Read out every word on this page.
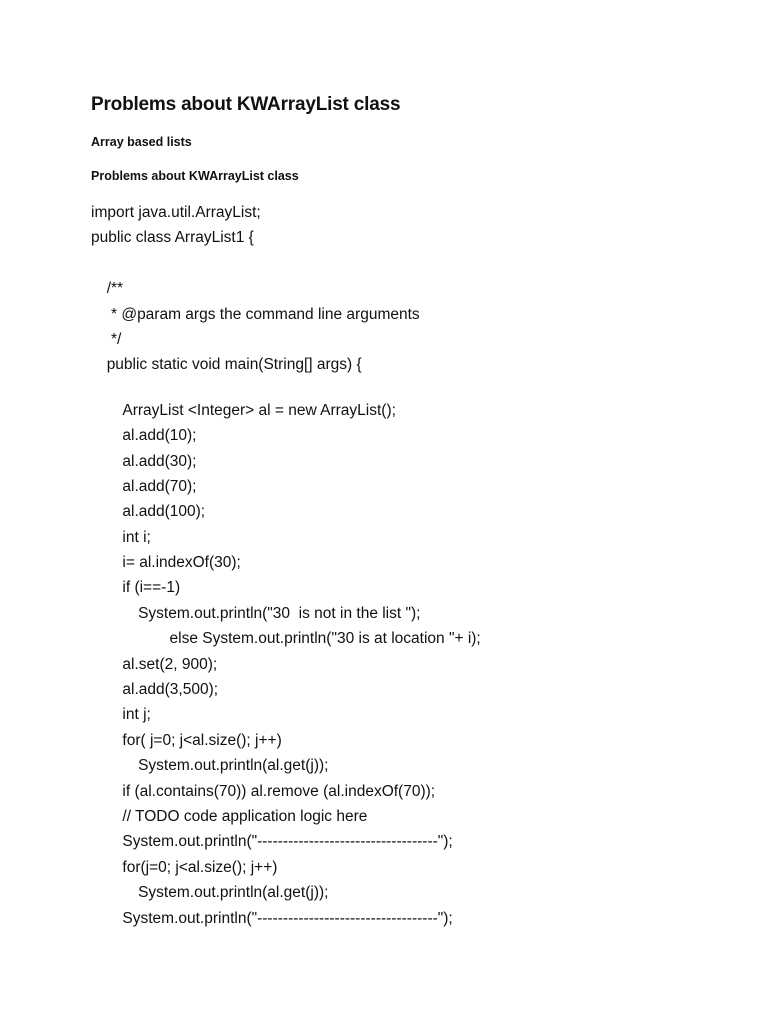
Problems about KWArrayList class
Array based lists
Problems about KWArrayList class
import java.util.ArrayList;
public class ArrayList1 {
/**
* @param args the command line arguments
*/
public static void main(String[] args) {
ArrayList <Integer> al = new ArrayList();
al.add(10);
al.add(30);
al.add(70);
al.add(100);
int i;
i= al.indexOf(30);
if (i==-1)
System.out.println("30  is not in the list ");
else System.out.println("30 is at location "+ i);
al.set(2, 900);
al.add(3,500);
int j;
for( j=0; j<al.size(); j++)
System.out.println(al.get(j));
if (al.contains(70)) al.remove (al.indexOf(70));
// TODO code application logic here
System.out.println("-----------------------------------");
for(j=0; j<al.size(); j++)
System.out.println(al.get(j));
System.out.println("-----------------------------------");
